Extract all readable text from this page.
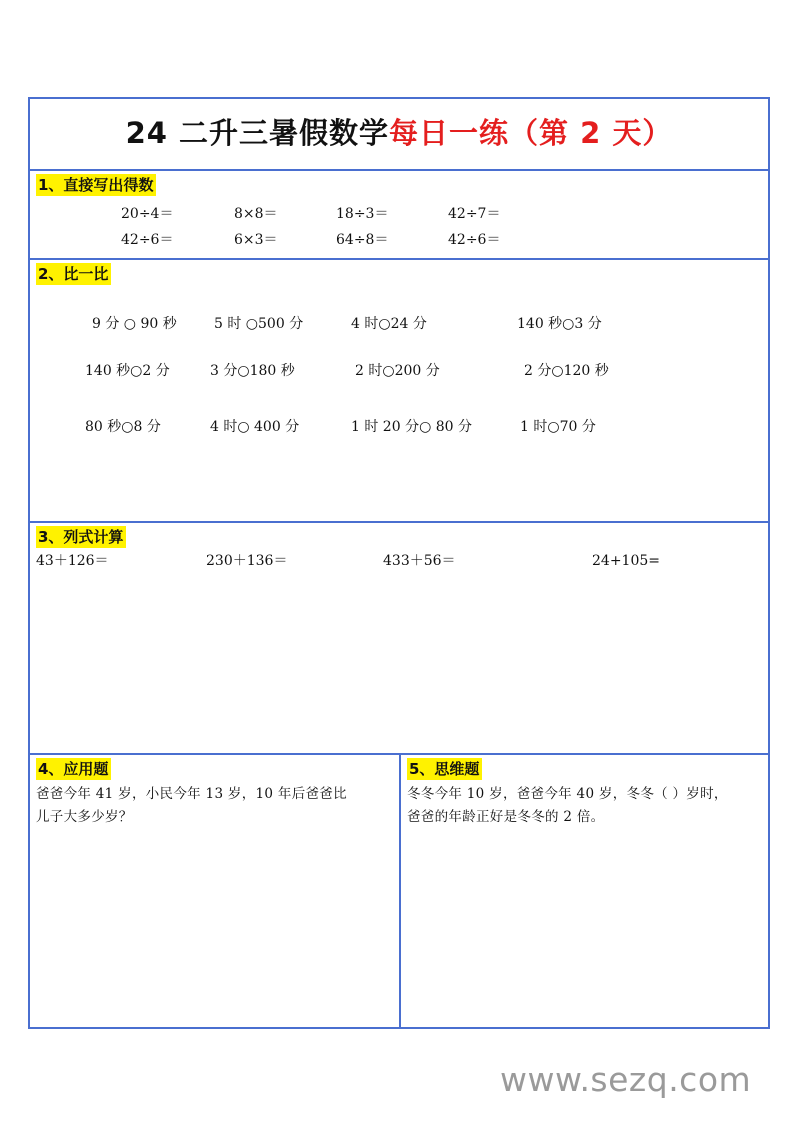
24 二升三暑假数学每日一练（第 2 天）
1、直接写出得数
20÷4＝	8×8＝	18÷3＝	42÷7＝
42÷6＝	6×3＝	64÷8＝	42÷6＝
2、比一比
9 分 ○ 90 秒	5 时 ○500 分	4 时○24 分	140 秒○3 分
140 秒○2 分	3 分○180 秒	2 时○200 分	2 分○120 秒
80 秒○8 分	4 时○ 400 分	1 时 20 分○ 80 分	1 时○70 分
3、列式计算
43＋126＝	230＋136＝	433＋56＝	24+105=
4、应用题
爸爸今年 41 岁，小民今年 13 岁，10 年后爸爸比
儿子大多少岁？
5、思维题
冬冬今年 10 岁，爸爸今年 40 岁，冬冬（ ）岁时，
爸爸的年龄正好是冬冬的 2 倍。
www.sezq.com
